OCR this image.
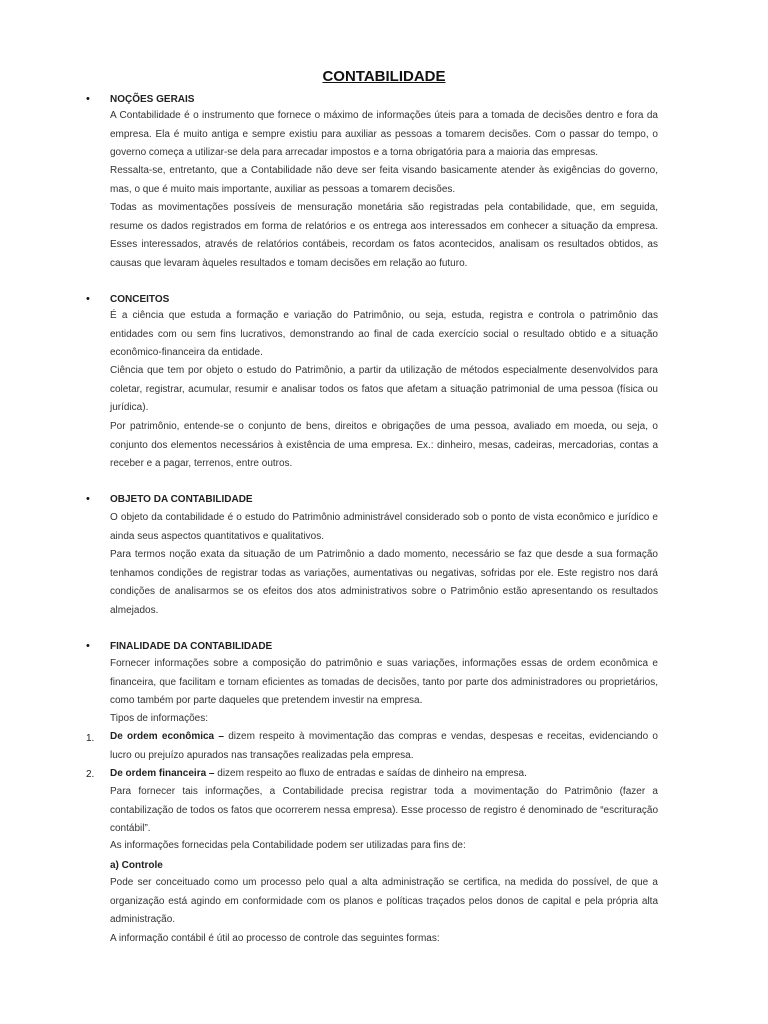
CONTABILIDADE
• NOÇÕES GERAIS
A Contabilidade é o instrumento que fornece o máximo de informações úteis para a tomada de decisões dentro e fora da empresa. Ela é muito antiga e sempre existiu para auxiliar as pessoas a tomarem decisões. Com o passar do tempo, o governo começa a utilizar-se dela para arrecadar impostos e a torna obrigatória para a maioria das empresas.
Ressalta-se, entretanto, que a Contabilidade não deve ser feita visando basicamente atender às exigências do governo, mas, o que é muito mais importante, auxiliar as pessoas a tomarem decisões.
Todas as movimentações possíveis de mensuração monetária são registradas pela contabilidade, que, em seguida, resume os dados registrados em forma de relatórios e os entrega aos interessados em conhecer a situação da empresa. Esses interessados, através de relatórios contábeis, recordam os fatos acontecidos, analisam os resultados obtidos, as causas que levaram àqueles resultados e tomam decisões em relação ao futuro.
• CONCEITOS
É a ciência que estuda a formação e variação do Patrimônio, ou seja, estuda, registra e controla o patrimônio das entidades com ou sem fins lucrativos, demonstrando ao final de cada exercício social o resultado obtido e a situação econômico-financeira da entidade.
Ciência que tem por objeto o estudo do Patrimônio, a partir da utilização de métodos especialmente desenvolvidos para coletar, registrar, acumular, resumir e analisar todos os fatos que afetam a situação patrimonial de uma pessoa (física ou jurídica).
Por patrimônio, entende-se o conjunto de bens, direitos e obrigações de uma pessoa, avaliado em moeda, ou seja, o conjunto dos elementos necessários à existência de uma empresa. Ex.: dinheiro, mesas, cadeiras, mercadorias, contas a receber e a pagar, terrenos, entre outros.
• OBJETO DA CONTABILIDADE
O objeto da contabilidade é o estudo do Patrimônio administrável considerado sob o ponto de vista econômico e jurídico e ainda seus aspectos quantitativos e qualitativos.
Para termos noção exata da situação de um Patrimônio a dado momento, necessário se faz que desde a sua formação tenhamos condições de registrar todas as variações, aumentativas ou negativas, sofridas por ele. Este registro nos dará condições de analisarmos se os efeitos dos atos administrativos sobre o Patrimônio estão apresentando os resultados almejados.
• FINALIDADE DA CONTABILIDADE
Fornecer informações sobre a composição do patrimônio e suas variações, informações essas de ordem econômica e financeira, que facilitam e tornam eficientes as tomadas de decisões, tanto por parte dos administradores ou proprietários, como também por parte daqueles que pretendem investir na empresa.
Tipos de informações:
1. De ordem econômica – dizem respeito à movimentação das compras e vendas, despesas e receitas, evidenciando o lucro ou prejuízo apurados nas transações realizadas pela empresa.
2. De ordem financeira – dizem respeito ao fluxo de entradas e saídas de dinheiro na empresa.
Para fornecer tais informações, a Contabilidade precisa registrar toda a movimentação do Patrimônio (fazer a contabilização de todos os fatos que ocorrerem nessa empresa). Esse processo de registro é denominado de “escrituração contábil”.
As informações fornecidas pela Contabilidade podem ser utilizadas para fins de:
a) Controle
Pode ser conceituado como um processo pelo qual a alta administração se certifica, na medida do possível, de que a organização está agindo em conformidade com os planos e políticas traçados pelos donos de capital e pela própria alta administração.
A informação contábil é útil ao processo de controle das seguintes formas:
